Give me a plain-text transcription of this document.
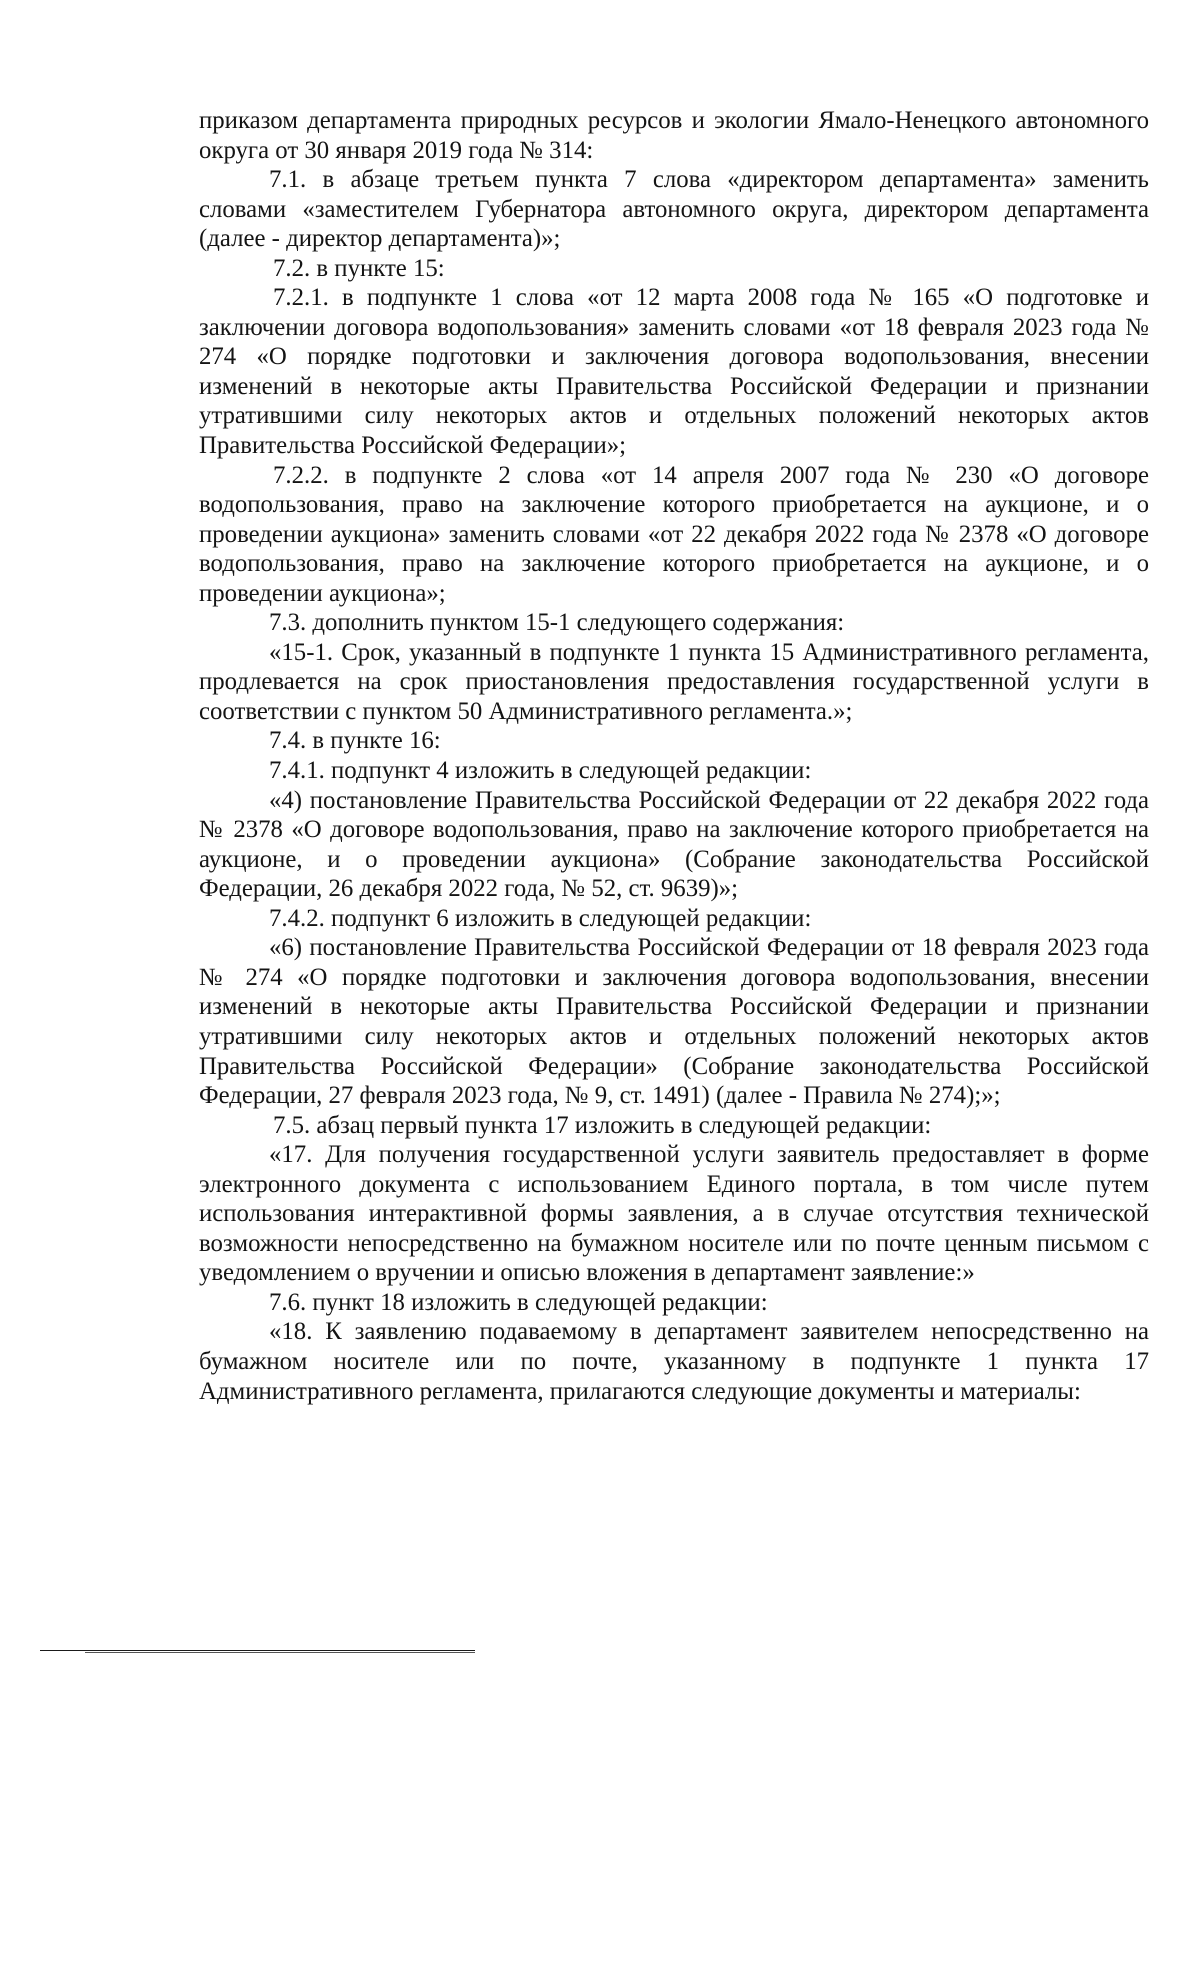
приказом департамента природных ресурсов и экологии Ямало-Ненецкого автономного округа от 30 января 2019 года № 314:

7.1. в абзаце третьем пункта 7 слова «директором департамента» заменить словами «заместителем Губернатора автономного округа, директором департамента (далее - директор департамента)»;

7.2. в пункте 15:

7.2.1. в подпункте 1 слова «от 12 марта 2008 года № 165 «О подготовке и заключении договора водопользования» заменить словами «от 18 февраля 2023 года № 274 «О порядке подготовки и заключения договора водопользования, внесении изменений в некоторые акты Правительства Российской Федерации и признании утратившими силу некоторых актов и отдельных положений некоторых актов Правительства Российской Федерации»;

7.2.2. в подпункте 2 слова «от 14 апреля 2007 года № 230 «О договоре водопользования, право на заключение которого приобретается на аукционе, и о проведении аукциона» заменить словами «от 22 декабря 2022 года № 2378 «О договоре водопользования, право на заключение которого приобретается на аукционе, и о проведении аукциона»;

7.3. дополнить пунктом 15-1 следующего содержания:

«15-1. Срок, указанный в подпункте 1 пункта 15 Административного регламента, продлевается на срок приостановления предоставления государственной услуги в соответствии с пунктом 50 Административного регламента.»;

7.4. в пункте 16:

7.4.1. подпункт 4 изложить в следующей редакции:

«4) постановление Правительства Российской Федерации от 22 декабря 2022 года № 2378 «О договоре водопользования, право на заключение которого приобретается на аукционе, и о проведении аукциона» (Собрание законодательства Российской Федерации, 26 декабря 2022 года, № 52, ст. 9639)»;

7.4.2. подпункт 6 изложить в следующей редакции:

«6) постановление Правительства Российской Федерации от 18 февраля 2023 года № 274 «О порядке подготовки и заключения договора водопользования, внесении изменений в некоторые акты Правительства Российской Федерации и признании утратившими силу некоторых актов и отдельных положений некоторых актов Правительства Российской Федерации» (Собрание законодательства Российской Федерации, 27 февраля 2023 года, № 9, ст. 1491) (далее - Правила № 274);»;

7.5. абзац первый пункта 17 изложить в следующей редакции:

«17. Для получения государственной услуги заявитель предоставляет в форме электронного документа с использованием Единого портала, в том числе путем использования интерактивной формы заявления, а в случае отсутствия технической возможности непосредственно на бумажном носителе или по почте ценным письмом с уведомлением о вручении и описью вложения в департамент заявление:»

7.6. пункт 18 изложить в следующей редакции:

«18. К заявлению подаваемому в департамент заявителем непосредственно на бумажном носителе или по почте, указанному в подпункте 1 пункта 17 Административного регламента, прилагаются следующие документы и материалы:
